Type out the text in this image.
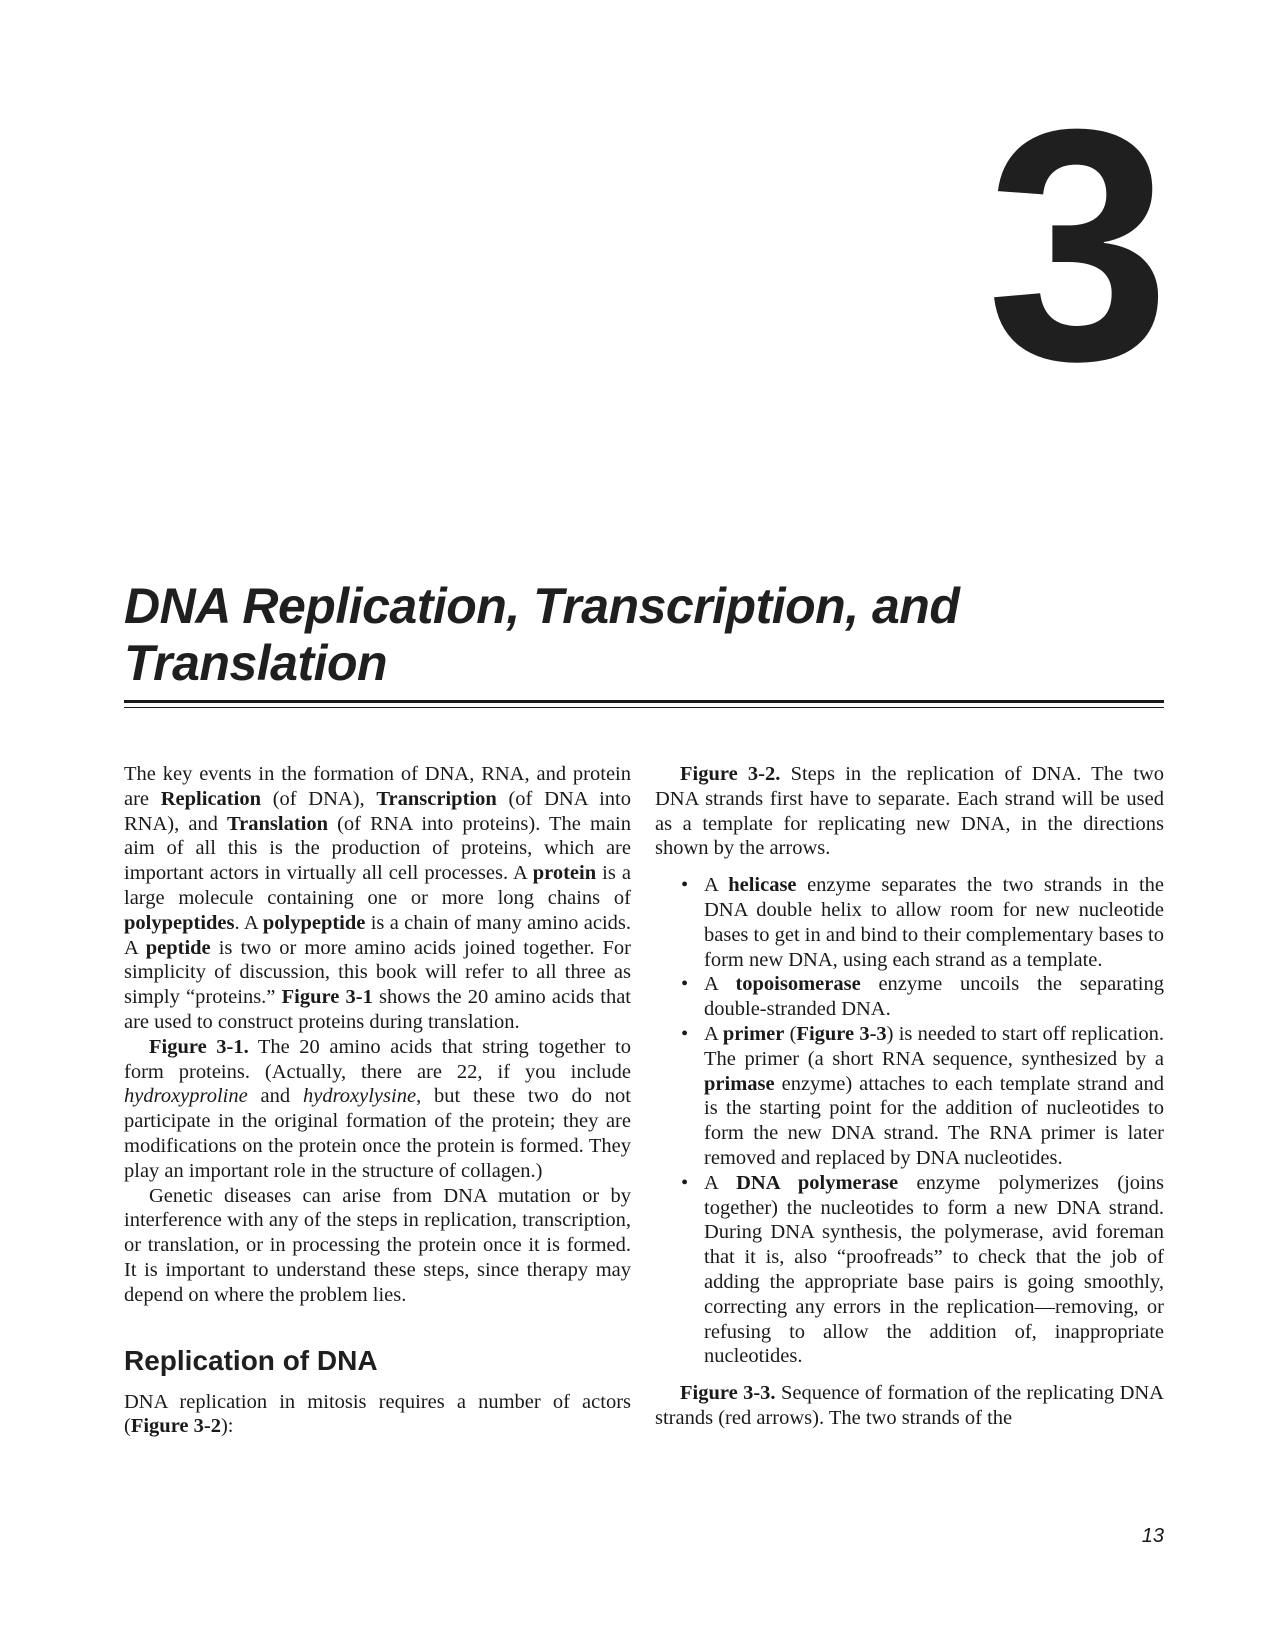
3
DNA Replication, Transcription, and Translation

The key events in the formation of DNA, RNA, and protein are Replication (of DNA), Transcription (of DNA into RNA), and Translation (of RNA into proteins). The main aim of all this is the production of proteins, which are important actors in virtually all cell processes. A protein is a large molecule containing one or more long chains of polypeptides. A polypeptide is a chain of many amino acids. A peptide is two or more amino acids joined together. For simplicity of discussion, this book will refer to all three as simply “proteins.” Figure 3-1 shows the 20 amino acids that are used to construct proteins during translation.

Figure 3-1. The 20 amino acids that string together to form proteins. (Actually, there are 22, if you include hydroxyproline and hydroxylysine, but these two do not participate in the original formation of the protein; they are modifications on the protein once the protein is formed. They play an important role in the structure of collagen.)

Genetic diseases can arise from DNA mutation or by interference with any of the steps in replication, transcription, or translation, or in processing the protein once it is formed. It is important to understand these steps, since therapy may depend on where the problem lies.

Replication of DNA

DNA replication in mitosis requires a number of actors (Figure 3-2):

Figure 3-2. Steps in the replication of DNA. The two DNA strands first have to separate. Each strand will be used as a template for replicating new DNA, in the directions shown by the arrows.

• A helicase enzyme separates the two strands in the DNA double helix to allow room for new nucleotide bases to get in and bind to their complementary bases to form new DNA, using each strand as a template.
• A topoisomerase enzyme uncoils the separating double-stranded DNA.
• A primer (Figure 3-3) is needed to start off replication. The primer (a short RNA sequence, synthesized by a primase enzyme) attaches to each template strand and is the starting point for the addition of nucleotides to form the new DNA strand. The RNA primer is later removed and replaced by DNA nucleotides.
• A DNA polymerase enzyme polymerizes (joins together) the nucleotides to form a new DNA strand. During DNA synthesis, the polymerase, avid foreman that it is, also “proofreads” to check that the job of adding the appropriate base pairs is going smoothly, correcting any errors in the replication—removing, or refusing to allow the addition of, inappropriate nucleotides.

Figure 3-3. Sequence of formation of the replicating DNA strands (red arrows). The two strands of the

13
